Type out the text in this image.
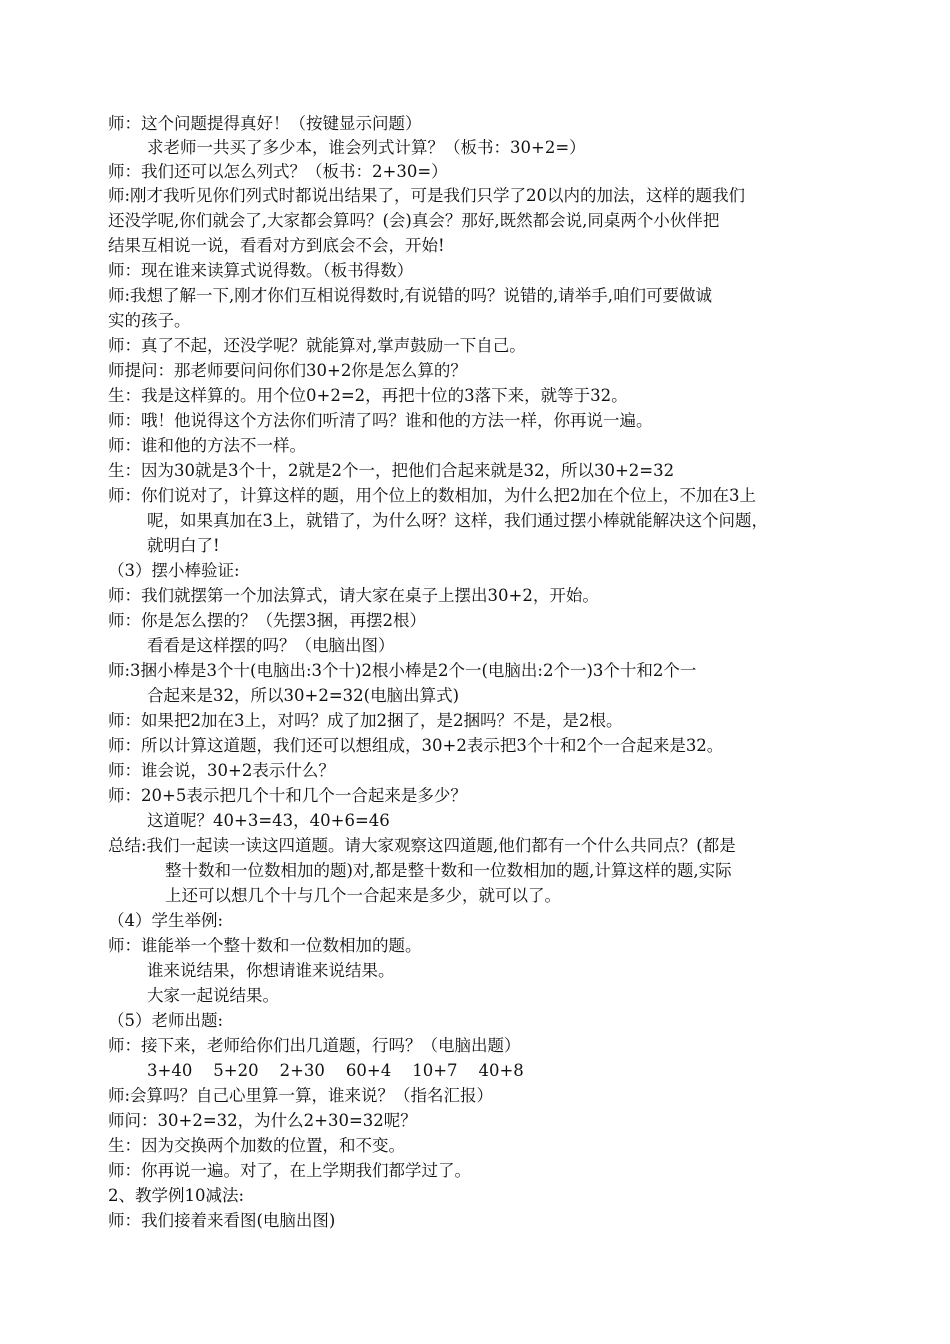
师：这个问题提得真好！（按键显示问题）
求老师一共买了多少本，谁会列式计算？（板书：30+2=）
师：我们还可以怎么列式？（板书：2+30=）
师:刚才我听见你们列式时都说出结果了，可是我们只学了20以内的加法，这样的题我们
还没学呢,你们就会了,大家都会算吗？(会)真会？那好,既然都会说,同桌两个小伙伴把
结果互相说一说，看看对方到底会不会，开始!
师：现在谁来读算式说得数。（板书得数）
师:我想了解一下,刚才你们互相说得数时,有说错的吗？说错的,请举手,咱们可要做诚
实的孩子。
师：真了不起，还没学呢？就能算对,掌声鼓励一下自己。
师提问：那老师要问问你们30+2你是怎么算的？
生：我是这样算的。用个位0+2=2，再把十位的3落下来，就等于32。
师：哦！他说得这个方法你们听清了吗？谁和他的方法一样，你再说一遍。
师：谁和他的方法不一样。
生：因为30就是3个十，2就是2个一，把他们合起来就是32，所以30+2=32
师：你们说对了，计算这样的题，用个位上的数相加，为什么把2加在个位上，不加在3上
呢，如果真加在3上，就错了，为什么呀？这样，我们通过摆小棒就能解决这个问题，
就明白了!
（3）摆小棒验证:
师：我们就摆第一个加法算式，请大家在桌子上摆出30+2，开始。
师：你是怎么摆的？（先摆3捆，再摆2根）
看看是这样摆的吗？（电脑出图）
师:3捆小棒是3个十(电脑出:3个十)2根小棒是2个一(电脑出:2个一)3个十和2个一
合起来是32，所以30+2=32(电脑出算式)
师：如果把2加在3上，对吗？成了加2捆了，是2捆吗？不是，是2根。
师：所以计算这道题，我们还可以想组成，30+2表示把3个十和2个一合起来是32。
师：谁会说，30+2表示什么？
师：20+5表示把几个十和几个一合起来是多少？
这道呢？40+3=43，40+6=46
总结:我们一起读一读这四道题。请大家观察这四道题,他们都有一个什么共同点？(都是
整十数和一位数相加的题)对,都是整十数和一位数相加的题,计算这样的题,实际
上还可以想几个十与几个一合起来是多少，就可以了。
（4）学生举例:
师：谁能举一个整十数和一位数相加的题。
谁来说结果，你想请谁来说结果。
大家一起说结果。
（5）老师出题:
师：接下来，老师给你们出几道题，行吗？（电脑出题）
3+40    5+20    2+30    60+4    10+7    40+8
师:会算吗？自己心里算一算，谁来说？（指名汇报）
师问：30+2=32，为什么2+30=32呢？
生：因为交换两个加数的位置，和不变。
师：你再说一遍。对了，在上学期我们都学过了。
2、教学例10减法:
师：我们接着来看图(电脑出图)
